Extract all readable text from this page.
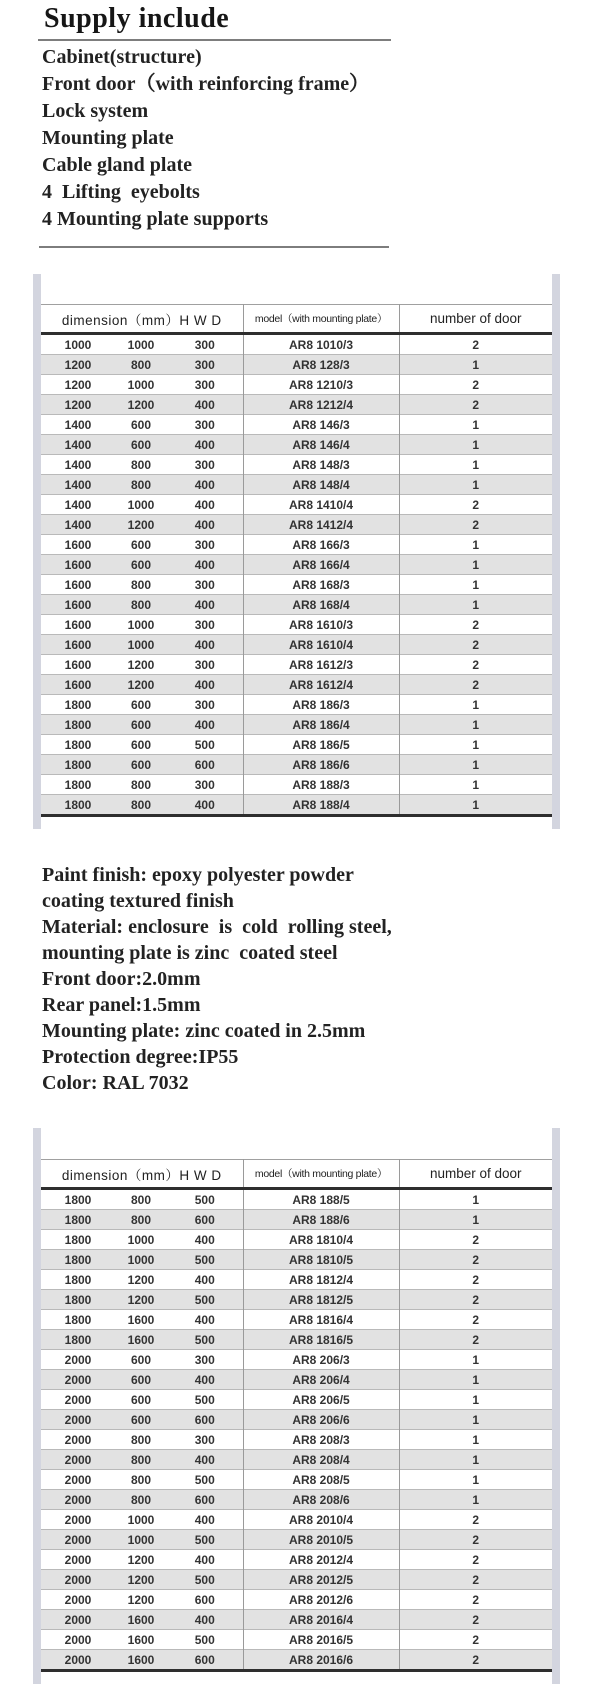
Supply include
Cabinet(structure)
Front door（with reinforcing frame）
Lock system
Mounting plate
Cable gland plate
4  Lifting  eyebolts
4 Mounting plate supports
dimension（mm）H W D			model（with mounting plate）	number of door
1000	1000	300	AR8 1010/3	2
1200	800	300	AR8 128/3	1
1200	1000	300	AR8 1210/3	2
1200	1200	400	AR8 1212/4	2
1400	600	300	AR8 146/3	1
1400	600	400	AR8 146/4	1
1400	800	300	AR8 148/3	1
1400	800	400	AR8 148/4	1
1400	1000	400	AR8 1410/4	2
1400	1200	400	AR8 1412/4	2
1600	600	300	AR8 166/3	1
1600	600	400	AR8 166/4	1
1600	800	300	AR8 168/3	1
1600	800	400	AR8 168/4	1
1600	1000	300	AR8 1610/3	2
1600	1000	400	AR8 1610/4	2
1600	1200	300	AR8 1612/3	2
1600	1200	400	AR8 1612/4	2
1800	600	300	AR8 186/3	1
1800	600	400	AR8 186/4	1
1800	600	500	AR8 186/5	1
1800	600	600	AR8 186/6	1
1800	800	300	AR8 188/3	1
1800	800	400	AR8 188/4	1
Paint finish: epoxy polyester powder
coating textured finish
Material: enclosure  is  cold  rolling steel,
mounting plate is zinc  coated steel
Front door:2.0mm
Rear panel:1.5mm
Mounting plate: zinc coated in 2.5mm
Protection degree:IP55
Color: RAL 7032
dimension（mm）H W D			model（with mounting plate）	number of door
1800	800	500	AR8 188/5	1
1800	800	600	AR8 188/6	1
1800	1000	400	AR8 1810/4	2
1800	1000	500	AR8 1810/5	2
1800	1200	400	AR8 1812/4	2
1800	1200	500	AR8 1812/5	2
1800	1600	400	AR8 1816/4	2
1800	1600	500	AR8 1816/5	2
2000	600	300	AR8 206/3	1
2000	600	400	AR8 206/4	1
2000	600	500	AR8 206/5	1
2000	600	600	AR8 206/6	1
2000	800	300	AR8 208/3	1
2000	800	400	AR8 208/4	1
2000	800	500	AR8 208/5	1
2000	800	600	AR8 208/6	1
2000	1000	400	AR8 2010/4	2
2000	1000	500	AR8 2010/5	2
2000	1200	400	AR8 2012/4	2
2000	1200	500	AR8 2012/5	2
2000	1200	600	AR8 2012/6	2
2000	1600	400	AR8 2016/4	2
2000	1600	500	AR8 2016/5	2
2000	1600	600	AR8 2016/6	2
